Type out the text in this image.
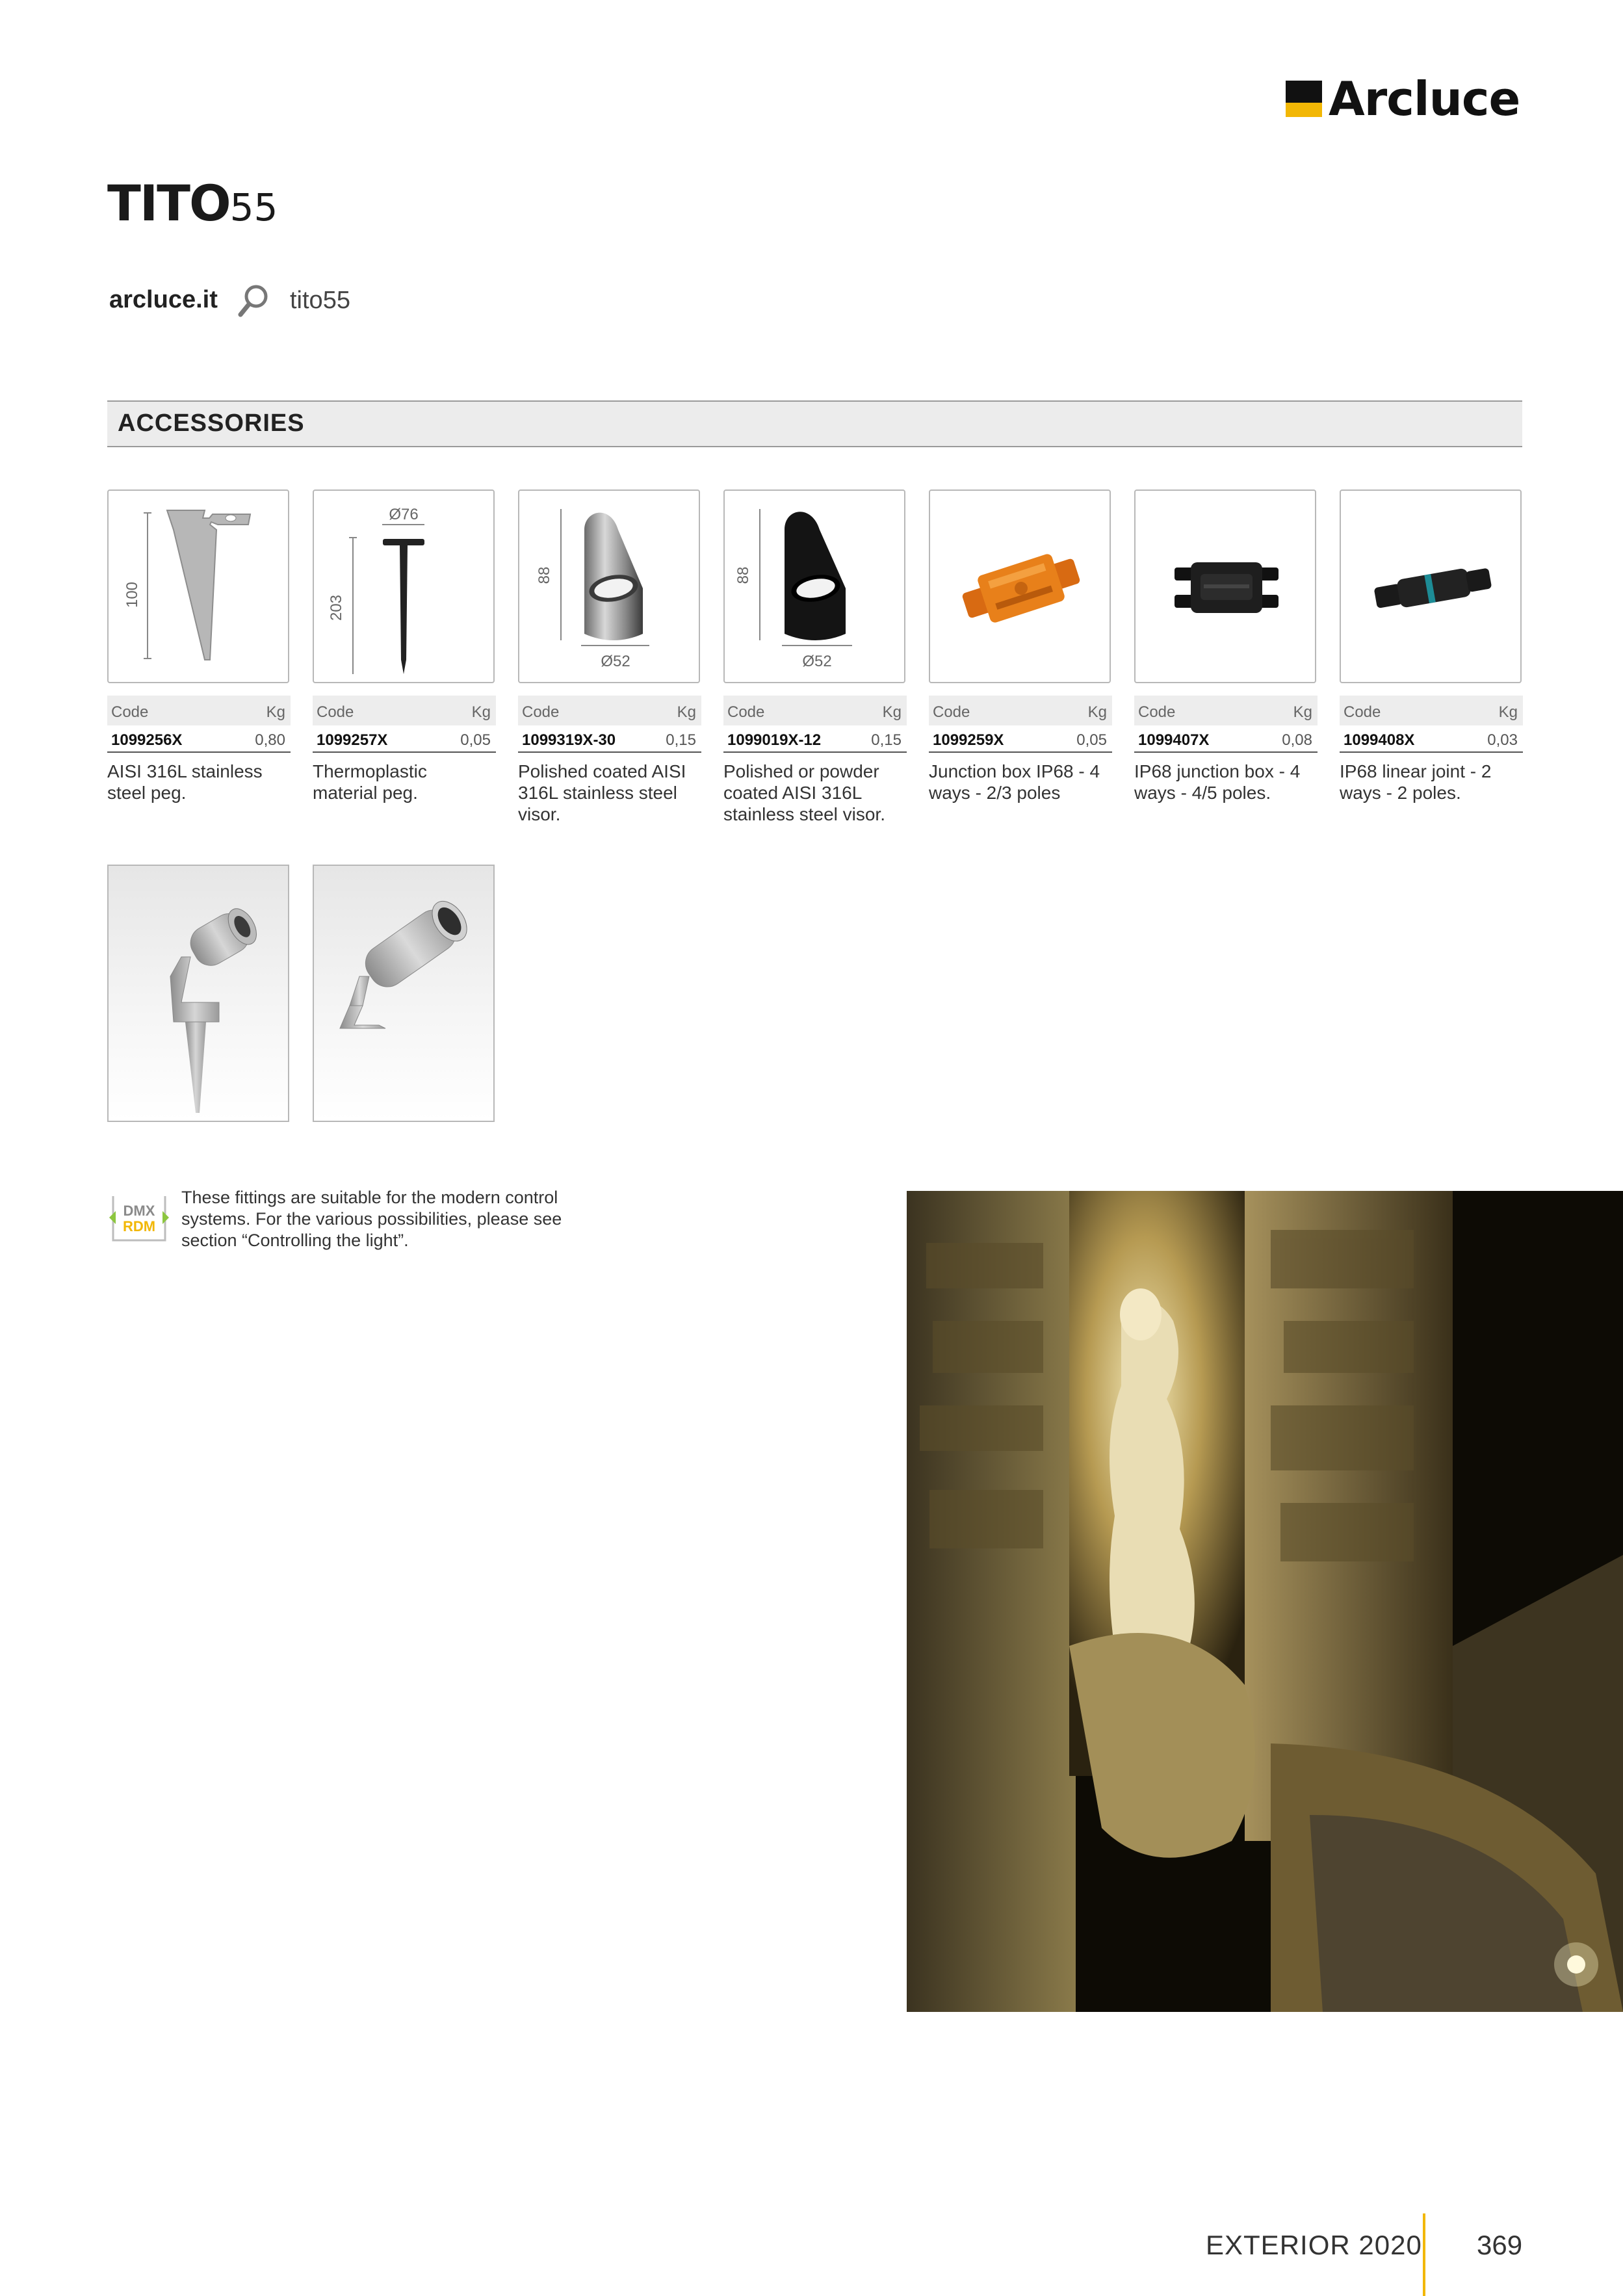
Arcluce
TITO55
arcluce.it	tito55
ACCESSORIES
100
Ø76
203
88
Ø52
88
Ø52
Code	Kg
1099256X	0,80
AISI 316L stainless steel peg.
Code	Kg
1099257X	0,05
Thermoplastic material peg.
Code	Kg
1099319X-30	0,15
Polished coated AISI 316L stainless steel visor.
Code	Kg
1099019X-12	0,15
Polished or powder coated AISI 316L stainless steel visor.
Code	Kg
1099259X	0,05
Junction box IP68 - 4 ways - 2/3 poles
Code	Kg
1099407X	0,08
IP68 junction box - 4 ways - 4/5 poles.
Code	Kg
1099408X	0,03
IP68 linear joint - 2 ways - 2 poles.
DMX
RDM
These fittings are suitable for the modern control systems. For the various possibilities, please see section “Controlling the light”.
EXTERIOR 2020 369
